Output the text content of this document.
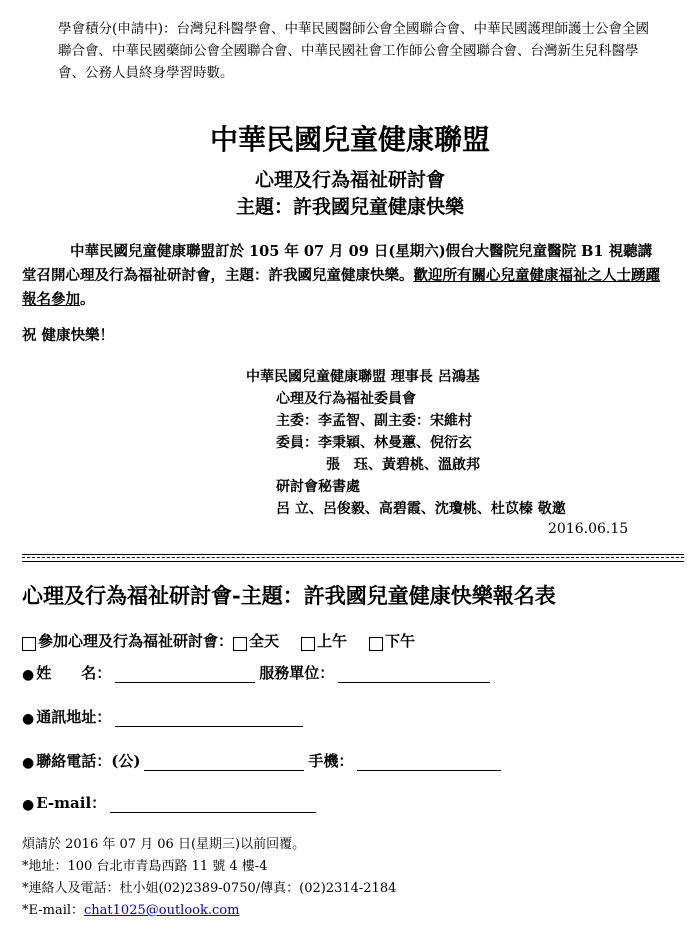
學會積分(申請中)：台灣兒科醫學會、中華民國醫師公會全國聯合會、中華民國護理師護士公會全國聯合會、中華民國藥師公會全國聯合會、中華民國社會工作師公會全國聯合會、台灣新生兒科醫學會、公務人員終身學習時數。
中華民國兒童健康聯盟
心理及行為福祉研討會
主題：許我國兒童健康快樂
中華民國兒童健康聯盟訂於 105 年 07 月 09 日(星期六)假台大醫院兒童醫院 B1 視聽講堂召開心理及行為福祉研討會，主題：許我國兒童健康快樂。歡迎所有關心兒童健康福祉之人士踴躍報名參加。
祝 健康快樂！
中華民國兒童健康聯盟 理事長 呂鴻基
心理及行為福祉委員會
主委：李孟智、副主委：宋維村
委員：李秉穎、林曼蕙、倪衍玄
張　珏、黃碧桃、溫啟邦
研討會秘書處
呂 立、呂俊毅、高碧霞、沈瓊桃、杜苡榛 敬邀
2016.06.15
心理及行為福祉研討會-主題：許我國兒童健康快樂報名表
參加心理及行為福祉研討會： 全天	上午	下午
● 姓　　名：	服務單位：
● 通訊地址：
● 聯絡電話：(公)	手機：
● E-mail：
煩請於 2016 年 07 月 06 日(星期三)以前回覆。
*地址：100 台北市青島西路 11 號 4 樓-4
*連絡人及電話：杜小姐(02)2389-0750/傳真：(02)2314-2184
*E-mail：chat1025@outlook.com
